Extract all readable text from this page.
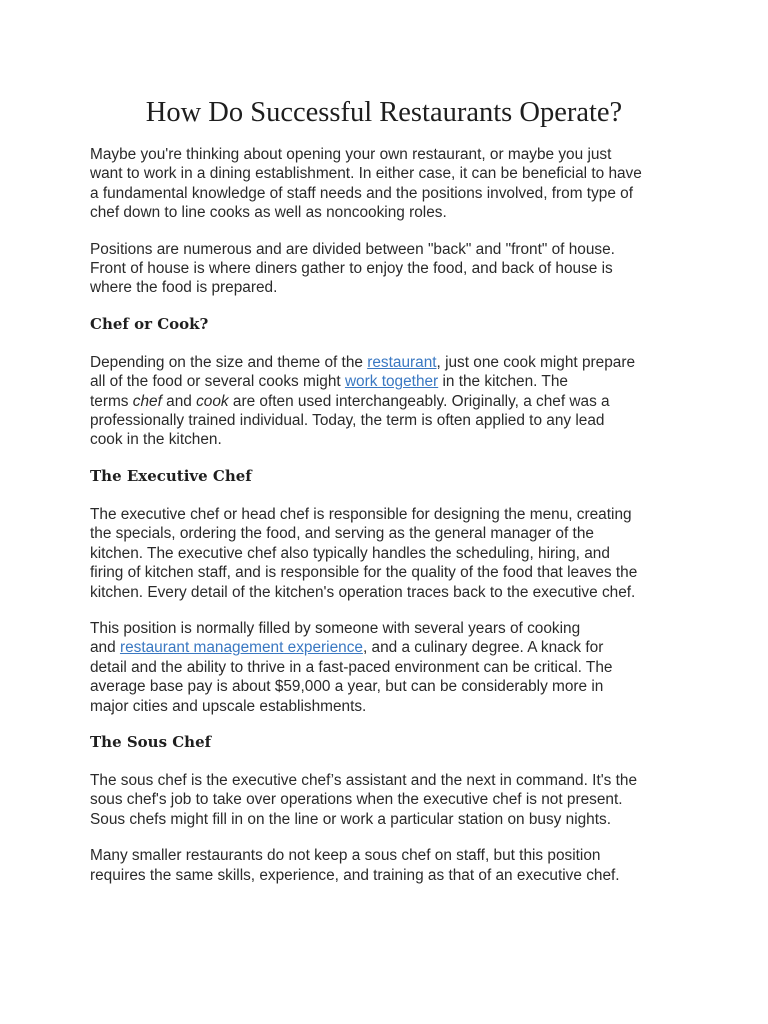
How Do Successful Restaurants Operate?

Maybe you're thinking about opening your own restaurant, or maybe you just
want to work in a dining establishment. In either case, it can be beneficial to have
a fundamental knowledge of staff needs and the positions involved, from type of
chef down to line cooks as well as noncooking roles.

Positions are numerous and are divided between "back" and "front" of house.
Front of house is where diners gather to enjoy the food, and back of house is
where the food is prepared.

Chef or Cook?

Depending on the size and theme of the restaurant, just one cook might prepare
all of the food or several cooks might work together in the kitchen. The
terms chef and cook are often used interchangeably. Originally, a chef was a
professionally trained individual. Today, the term is often applied to any lead
cook in the kitchen.

The Executive Chef

The executive chef or head chef is responsible for designing the menu, creating
the specials, ordering the food, and serving as the general manager of the
kitchen. The executive chef also typically handles the scheduling, hiring, and
firing of kitchen staff, and is responsible for the quality of the food that leaves the
kitchen. Every detail of the kitchen's operation traces back to the executive chef.

This position is normally filled by someone with several years of cooking
and restaurant management experience, and a culinary degree. A knack for
detail and the ability to thrive in a fast-paced environment can be critical. The
average base pay is about $59,000 a year, but can be considerably more in
major cities and upscale establishments.

The Sous Chef

The sous chef is the executive chef’s assistant and the next in command. It's the
sous chef's job to take over operations when the executive chef is not present.
Sous chefs might fill in on the line or work a particular station on busy nights.

Many smaller restaurants do not keep a sous chef on staff, but this position
requires the same skills, experience, and training as that of an executive chef.
